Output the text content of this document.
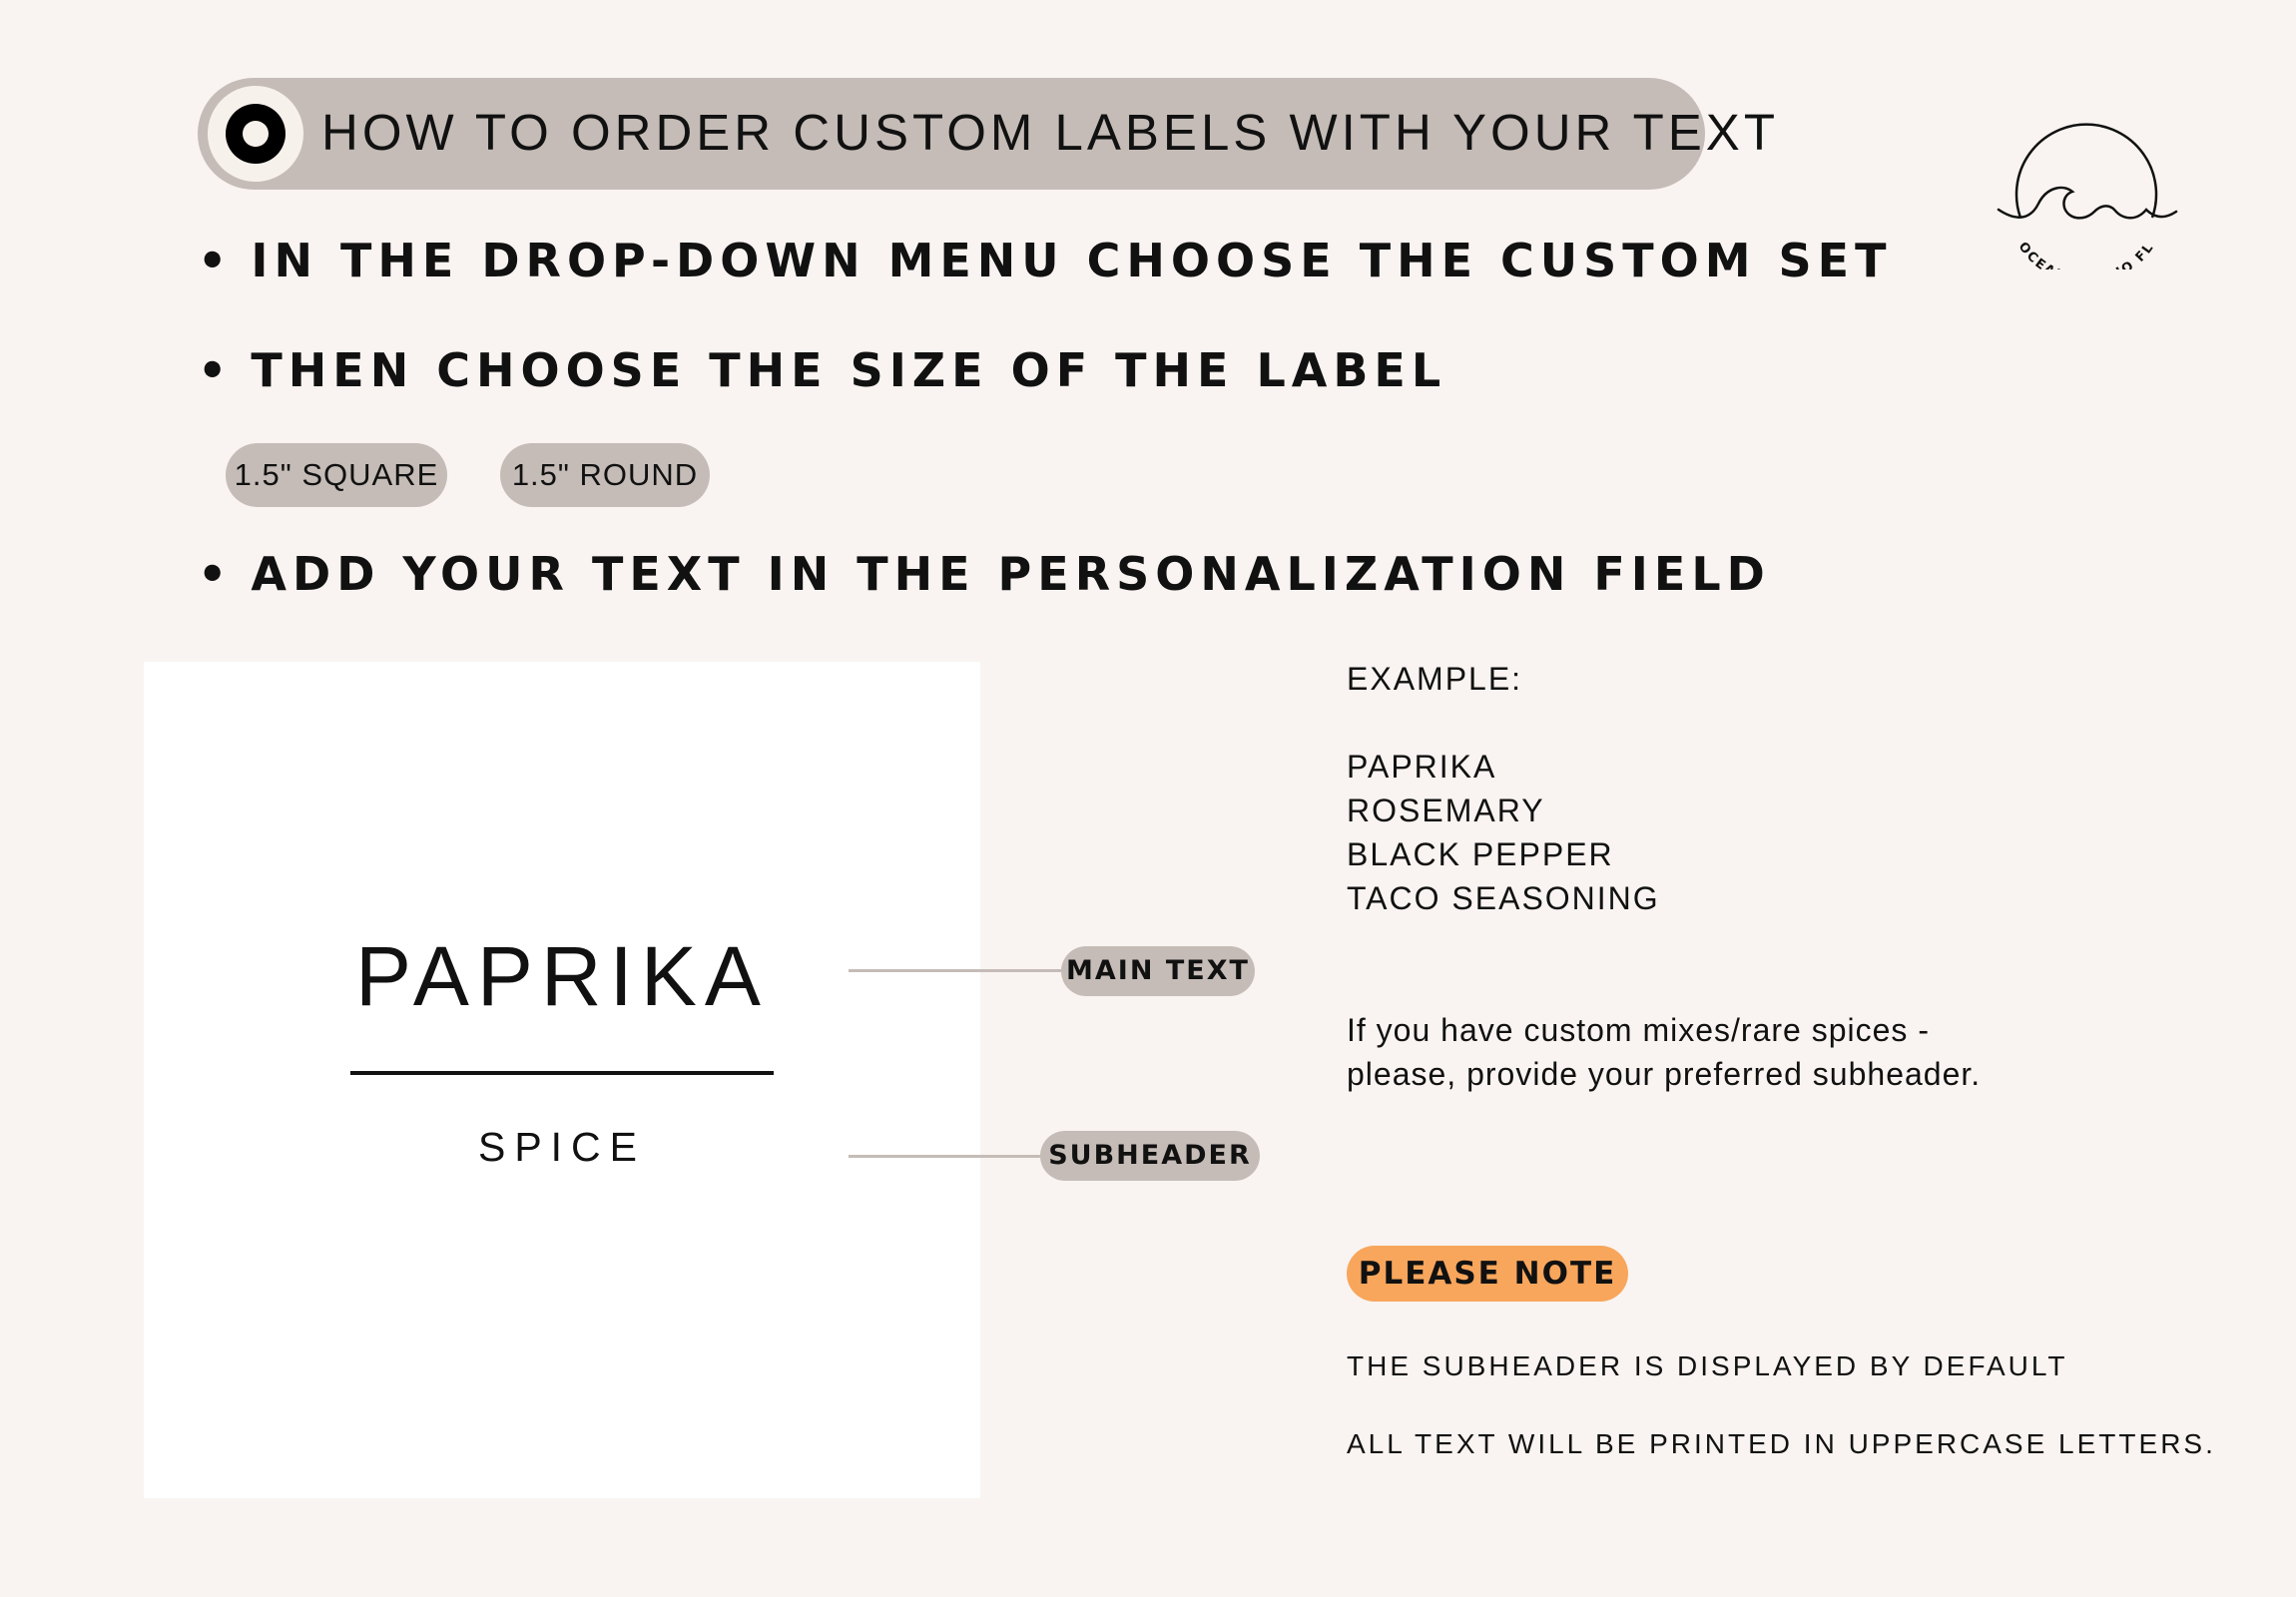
HOW TO ORDER CUSTOM LABELS WITH YOUR TEXT
OCE O FL
• IN THE DROP-DOWN MENU CHOOSE THE CUSTOM SET
• THEN CHOOSE THE SIZE OF THE LABEL
1.5" SQUARE	1.5" ROUND
• ADD YOUR TEXT IN THE PERSONALIZATION FIELD
PAPRIKA
SPICE
MAIN TEXT
SUBHEADER
EXAMPLE:
PAPRIKA
ROSEMARY
BLACK PEPPER
TACO SEASONING
If you have custom mixes/rare spices -
please, provide your preferred subheader.
PLEASE NOTE
THE SUBHEADER IS DISPLAYED BY DEFAULT
ALL TEXT WILL BE PRINTED IN UPPERCASE LETTERS.
